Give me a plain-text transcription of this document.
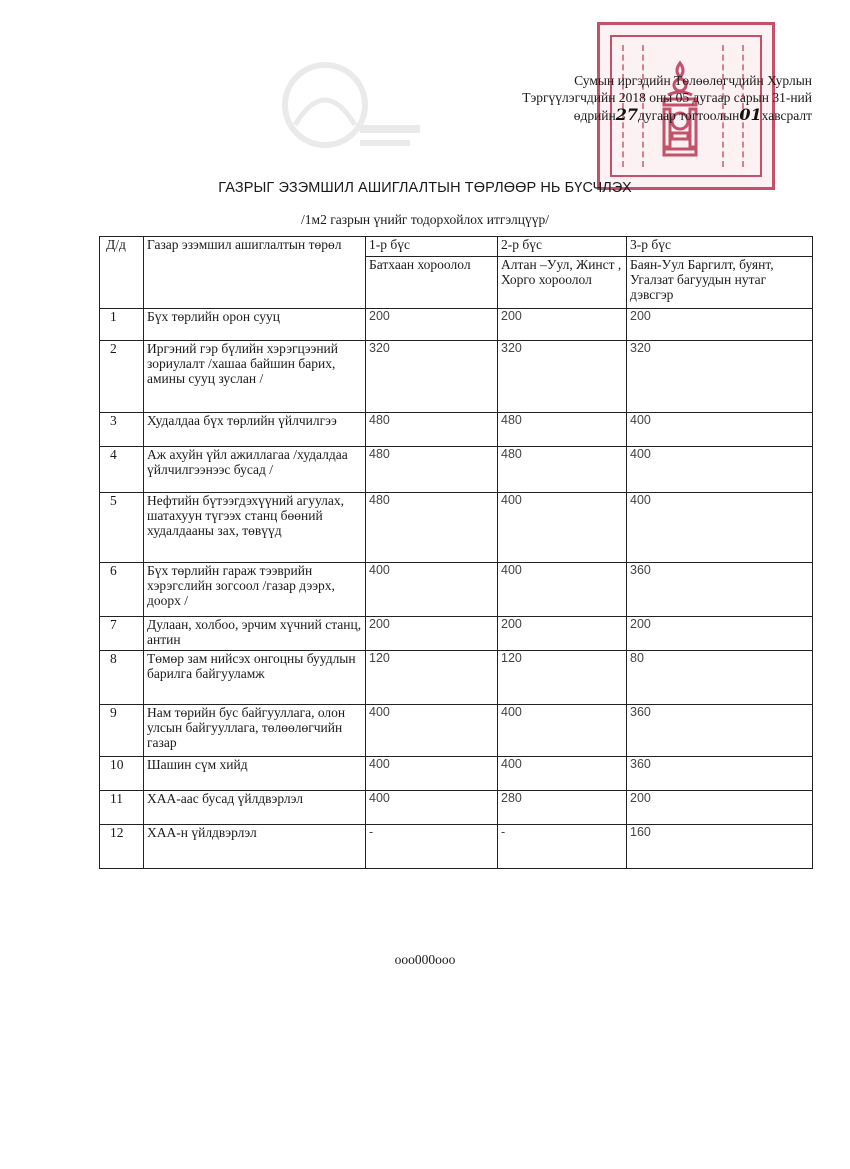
Сумын иргэдийн Төлөөлөгчдийн Хурлын
Тэргүүлэгчдийн 2018 оны 05 дугаар сарын 31-ний
өдрийн27дугаар тогтоолын01хавсралт
ГАЗРЫГ ЭЗЭМШИЛ АШИГЛАЛТЫН ТӨРЛӨӨР НЬ БҮСЧЛЭХ
/1м2 газрын үнийг тодорхойлох итгэлцүүр/
Д/д	Газар эзэмшил ашиглалтын төрөл	1-р бүс	2-р бүс	3-р бүс
		Батхаан хороолол	Алтан –Уул, Жинст , Хорго хороолол	Баян-Уул Баргилт, буянт, Угалзат багуудын нутаг дэвсгэр
1	Бүх төрлийн орон сууц	200	200	200
2	Иргэний гэр бүлийн хэрэгцээний зориулалт /хашаа байшин барих, амины сууц зуслан /	320	320	320
3	Худалдаа бүх төрлийн үйлчилгээ	480	480	400
4	Аж ахуйн үйл ажиллагаа /худалдаа үйлчилгээнээс бусад /	480	480	400
5	Нефтийн бүтээгдэхүүний агуулах, шатахуун түгээх станц бөөний худалдааны зах, төвүүд	480	400	400
6	Бүх төрлийн гараж тээврийн хэрэгслийн зогсоол /газар дээрх, доорх /	400	400	360
7	Дулаан, холбоо, эрчим хүчний станц, антин	200	200	200
8	Төмөр зам нийсэх онгоцны буудлын барилга байгууламж	120	120	80
9	Нам төрийн бус байгууллага, олон улсын байгууллага, төлөөлөгчийн газар	400	400	360
10	Шашин сүм хийд	400	400	360
11	ХАА-аас бусад үйлдвэрлэл	400	280	200
12	ХАА-н үйлдвэрлэл	-	-	160
ооо000ооо
